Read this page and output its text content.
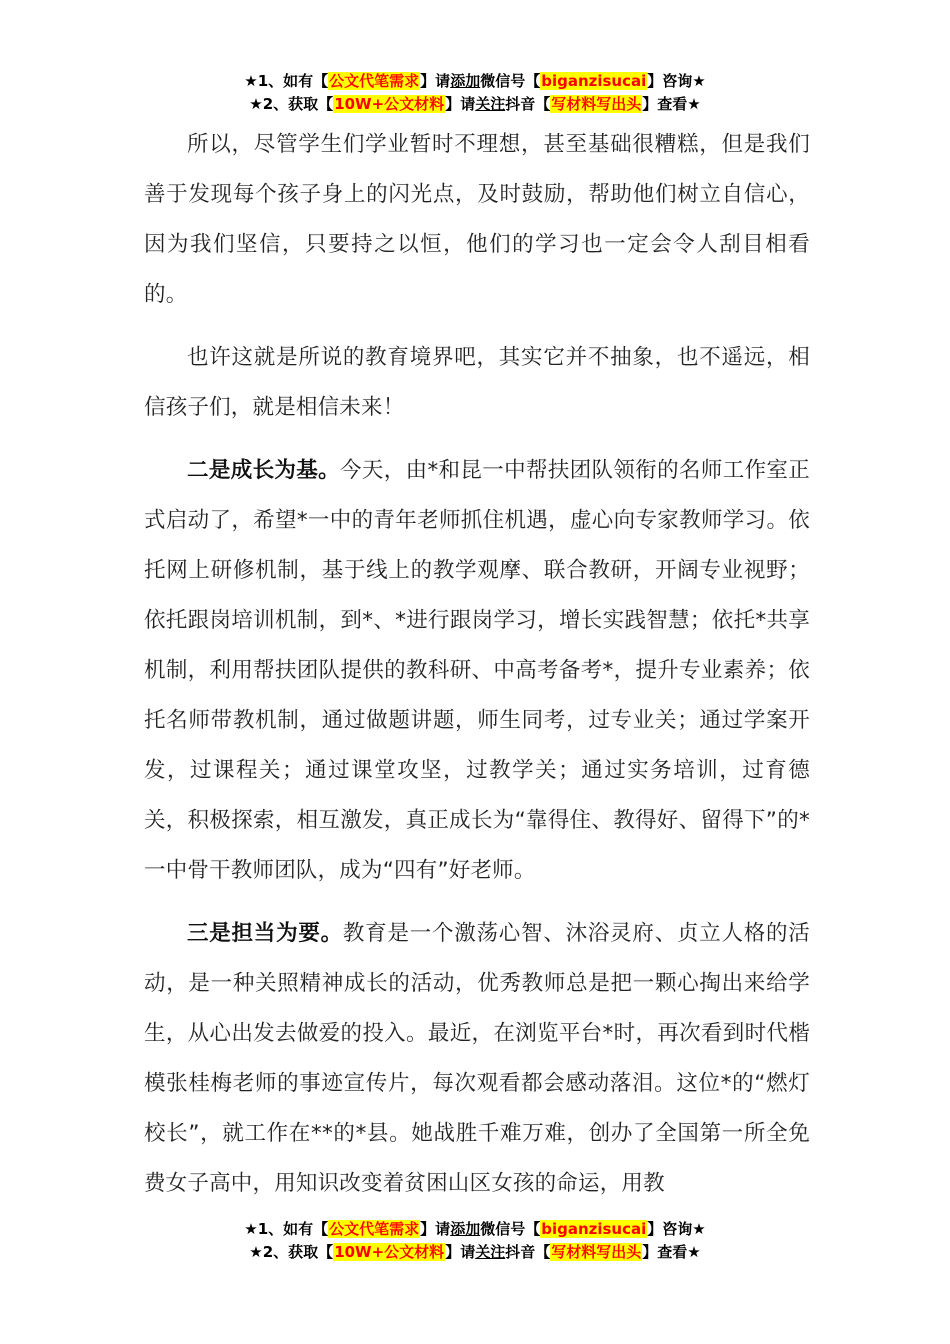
★1、如有【公文代笔需求】请添加微信号【biganzisucai】咨询★
★2、获取【10W+公文材料】请关注抖音【写材料写出头】查看★

所以，尽管学生们学业暂时不理想，甚至基础很糟糕，但是我们善于发现每个孩子身上的闪光点，及时鼓励，帮助他们树立自信心，因为我们坚信，只要持之以恒，他们的学习也一定会令人刮目相看的。

也许这就是所说的教育境界吧，其实它并不抽象，也不遥远，相信孩子们，就是相信未来！

二是成长为基。今天，由*和昆一中帮扶团队领衔的名师工作室正式启动了，希望*一中的青年老师抓住机遇，虚心向专家教师学习。依托网上研修机制，基于线上的教学观摩、联合教研，开阔专业视野；依托跟岗培训机制，到*、*进行跟岗学习，增长实践智慧；依托*共享机制，利用帮扶团队提供的教科研、中高考备考*，提升专业素养；依托名师带教机制，通过做题讲题，师生同考，过专业关；通过学案开发，过课程关；通过课堂攻坚，过教学关；通过实务培训，过育德关，积极探索，相互激发，真正成长为“靠得住、教得好、留得下”的*一中骨干教师团队，成为“四有”好老师。

三是担当为要。教育是一个激荡心智、沐浴灵府、贞立人格的活动，是一种关照精神成长的活动，优秀教师总是把一颗心掏出来给学生，从心出发去做爱的投入。最近，在浏览平台*时，再次看到时代楷模张桂梅老师的事迹宣传片，每次观看都会感动落泪。这位*的“燃灯校长”，就工作在**的*县。她战胜千难万难，创办了全国第一所全免费女子高中，用知识改变着贫困山区女孩的命运，用教

★1、如有【公文代笔需求】请添加微信号【biganzisucai】咨询★
★2、获取【10W+公文材料】请关注抖音【写材料写出头】查看★
